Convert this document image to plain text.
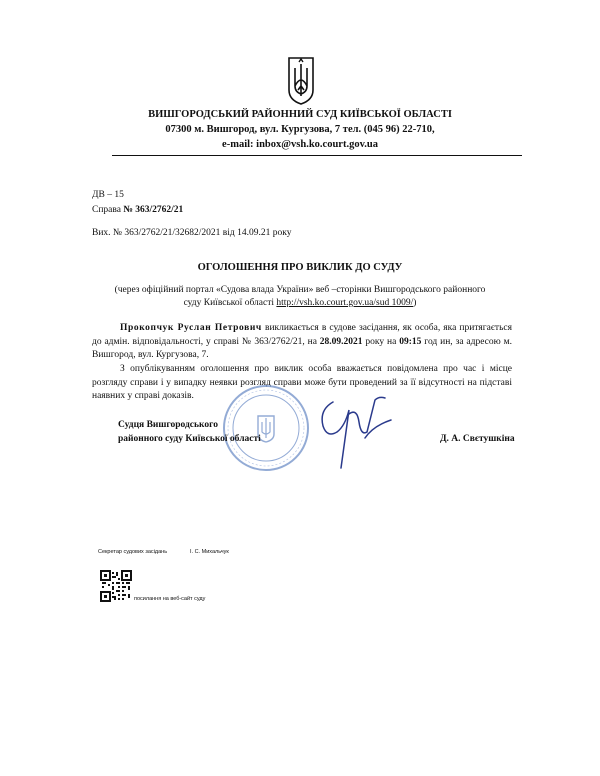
ВИШГОРОДСЬКИЙ РАЙОННИЙ СУД КИЇВСЬКОЇ ОБЛАСТІ
07300 м. Вишгород, вул. Кургузова, 7 тел. (045 96) 22-710,
e-mail: inbox@vsh.ko.court.gov.ua
ДВ – 15
Справа № 363/2762/21
Вих. № 363/2762/21/32682/2021 від 14.09.21 року
ОГОЛОШЕННЯ ПРО ВИКЛИК ДО СУДУ
(через офіційний портал «Судова влада України» веб –сторінки Вишгородського районного
суду Київської області http://vsh.ko.court.gov.ua/sud 1009/)
Прокопчук Руслан Петрович викликається в судове засідання, як особа, яка притягається до адмін. відповідальності, у справі № 363/2762/21, на 28.09.2021 року на 09:15 год ин, за адресою м. Вишгород, вул. Кургузова, 7.
З опублікуванням оголошення про виклик особа вважається повідомлена про час і місце розгляду справи і у випадку неявки розгляд справи може бути проведений за її відсутності на підставі наявних у справі доказів.
Судця Вишгородського
районного суду Київської області	Д. А. Свєтушкіна
Секретар судових засідань	І. С. Михальчук
посилання на веб-сайт суду
